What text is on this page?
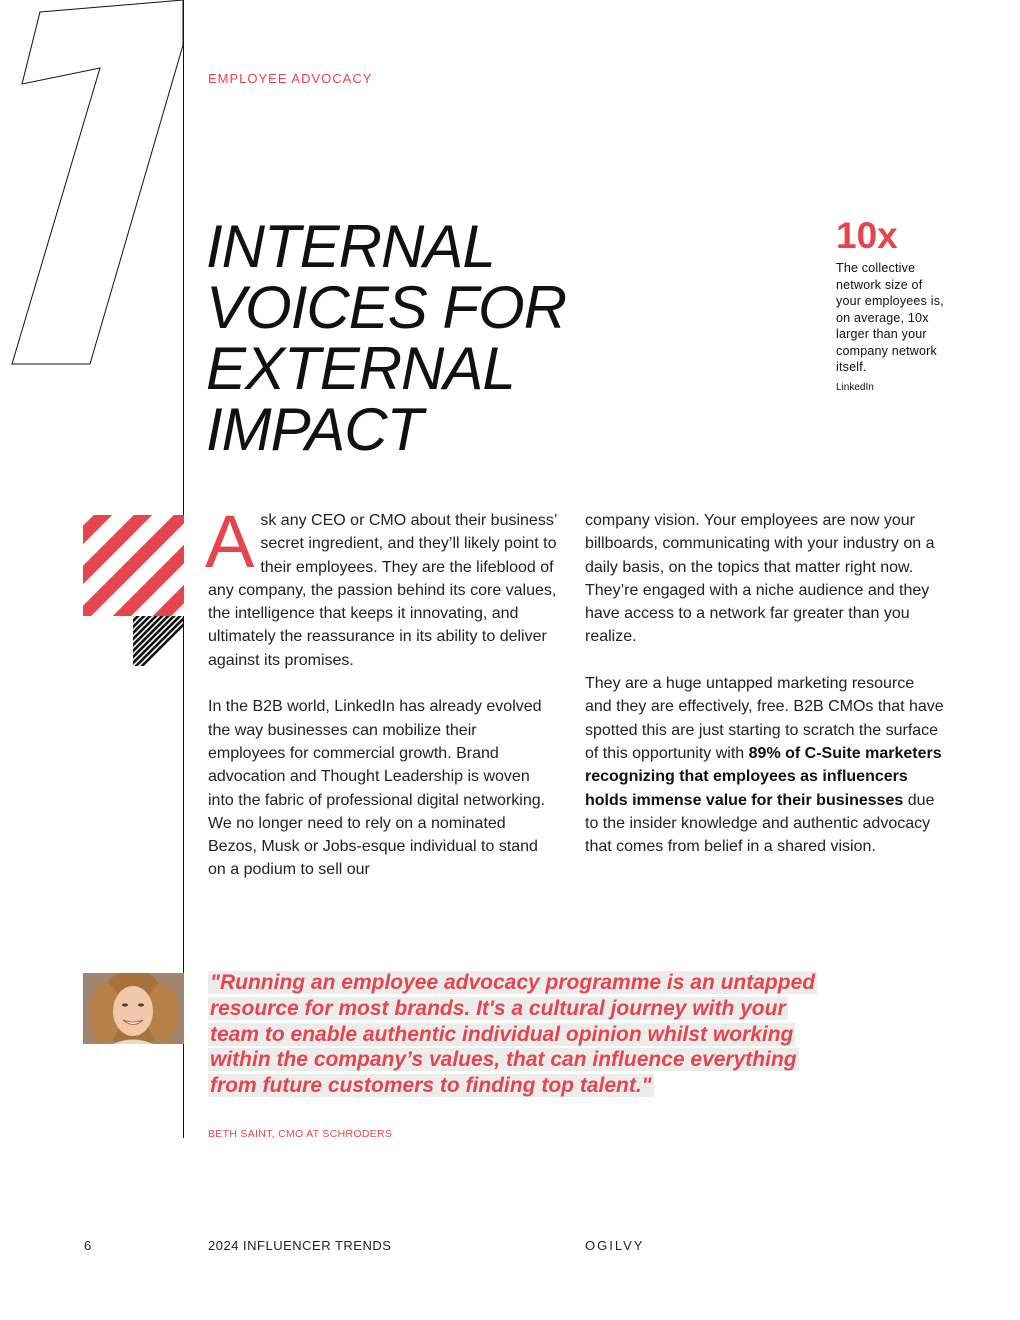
EMPLOYEE ADVOCACY
INTERNAL
VOICES FOR
EXTERNAL
IMPACT
10x
The collective network size of your employees is, on average, 10x larger than your company network itself.
LinkedIn

Ask any CEO or CMO about their business’ secret ingredient, and they’ll likely point to their employees. They are the lifeblood of any company, the passion behind its core values, the intelligence that keeps it innovating, and ultimately the reassurance in its ability to deliver against its promises.

In the B2B world, LinkedIn has already evolved the way businesses can mobilize their employees for commercial growth. Brand advocation and Thought Leadership is woven into the fabric of professional digital networking. We no longer need to rely on a nominated Bezos, Musk or Jobs-esque individual to stand on a podium to sell our

company vision. Your employees are now your billboards, communicating with your industry on a daily basis, on the topics that matter right now. They’re engaged with a niche audience and they have access to a network far greater than you realize.

They are a huge untapped marketing resource and they are effectively, free. B2B CMOs that have spotted this are just starting to scratch the surface of this opportunity with 89% of C-Suite marketers recognizing that employees as influencers holds immense value for their businesses due to the insider knowledge and authentic advocacy that comes from belief in a shared vision.

"Running an employee advocacy programme is an untapped resource for most brands. It's a cultural journey with your team to enable authentic individual opinion whilst working within the company’s values, that can influence everything from future customers to finding top talent."
BETH SAINT, CMO AT SCHRODERS
6	2024 INFLUENCER TRENDS	OGILVY
